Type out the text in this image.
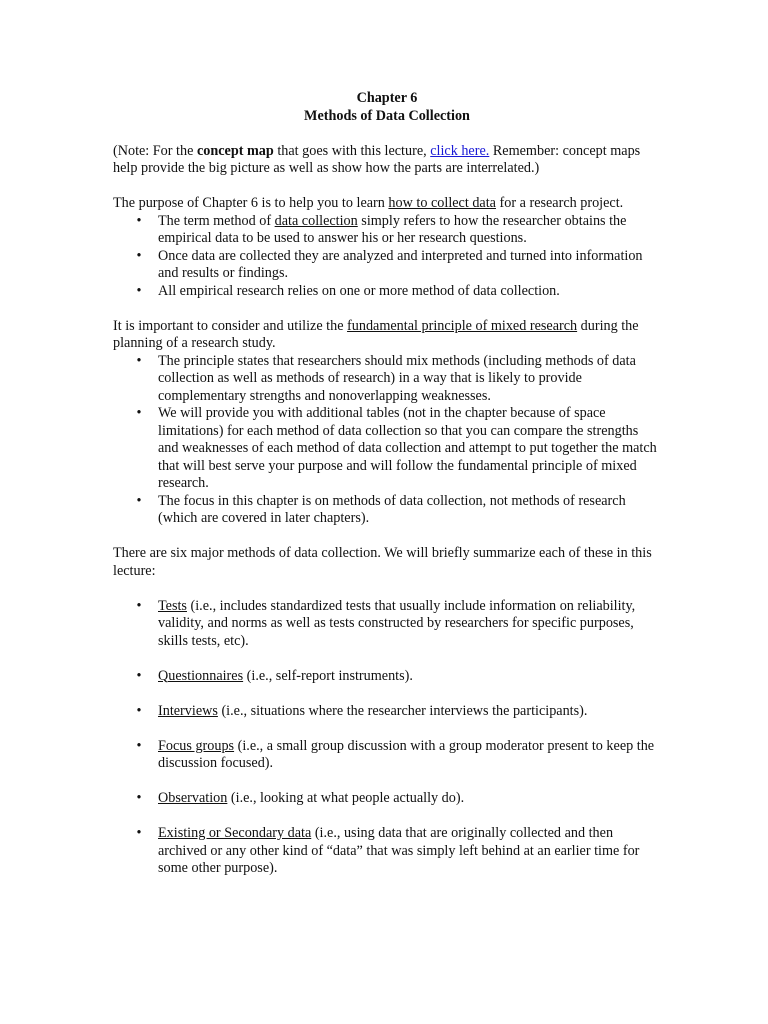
Chapter 6
Methods of Data Collection

(Note: For the concept map that goes with this lecture, click here. Remember: concept maps help provide the big picture as well as show how the parts are interrelated.)

The purpose of Chapter 6 is to help you to learn how to collect data for a research project.

• The term method of data collection simply refers to how the researcher obtains the empirical data to be used to answer his or her research questions.
• Once data are collected they are analyzed and interpreted and turned into information and results or findings.
• All empirical research relies on one or more method of data collection.

It is important to consider and utilize the fundamental principle of mixed research during the planning of a research study.

• The principle states that researchers should mix methods (including methods of data collection as well as methods of research) in a way that is likely to provide complementary strengths and nonoverlapping weaknesses.
• We will provide you with additional tables (not in the chapter because of space limitations) for each method of data collection so that you can compare the strengths and weaknesses of each method of data collection and attempt to put together the match that will best serve your purpose and will follow the fundamental principle of mixed research.
• The focus in this chapter is on methods of data collection, not methods of research (which are covered in later chapters).

There are six major methods of data collection. We will briefly summarize each of these in this lecture:

• Tests (i.e., includes standardized tests that usually include information on reliability, validity, and norms as well as tests constructed by researchers for specific purposes, skills tests, etc).
• Questionnaires (i.e., self-report instruments).
• Interviews (i.e., situations where the researcher interviews the participants).
• Focus groups (i.e., a small group discussion with a group moderator present to keep the discussion focused).
• Observation (i.e., looking at what people actually do).
• Existing or Secondary data (i.e., using data that are originally collected and then archived or any other kind of “data” that was simply left behind at an earlier time for some other purpose).
